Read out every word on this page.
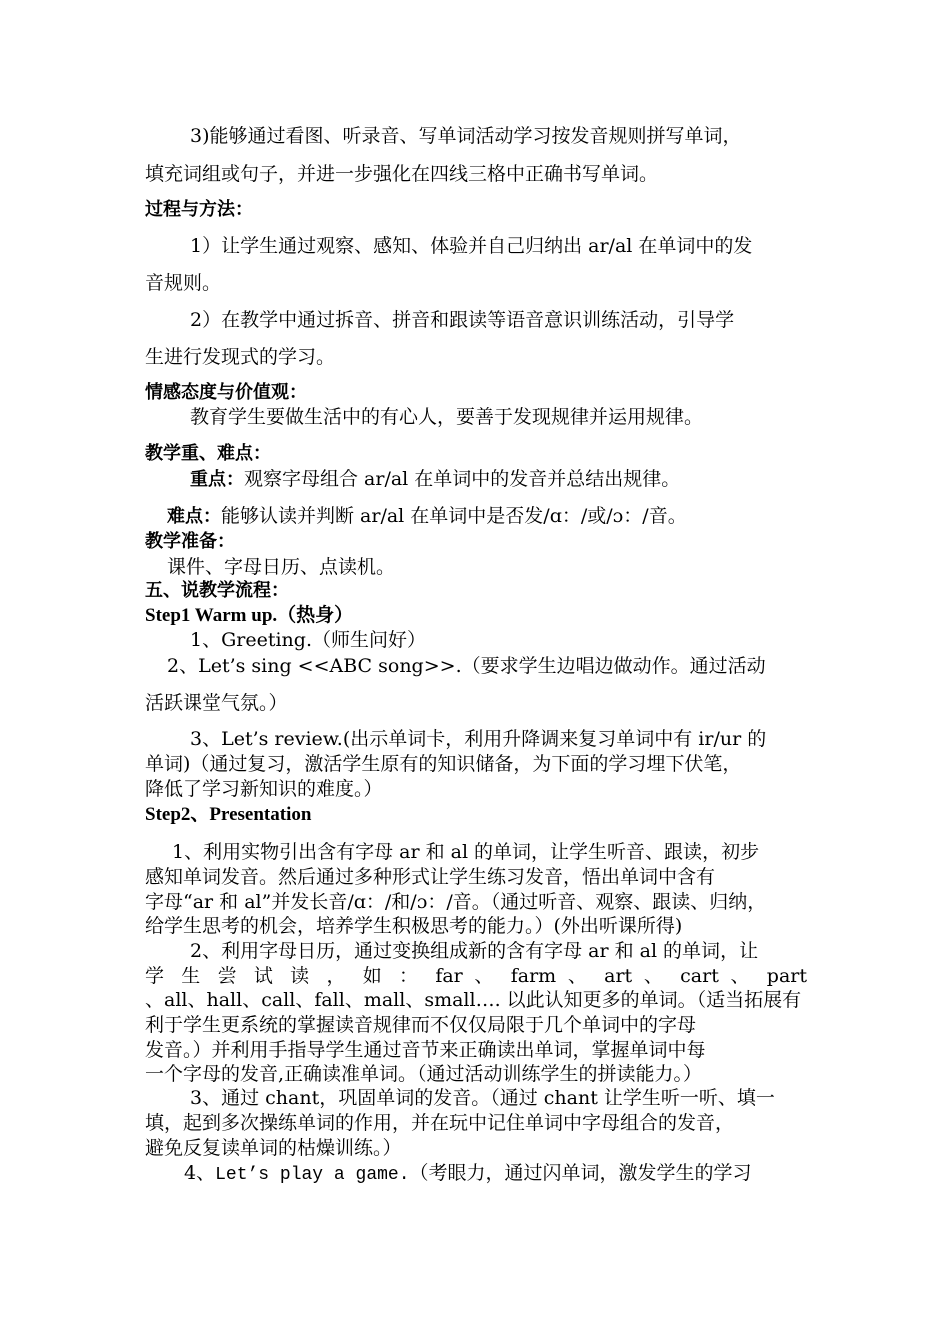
3)能够通过看图、听录音、写单词活动学习按发音规则拼写单词，
填充词组或句子，并进一步强化在四线三格中正确书写单词。
过程与方法：
1）让学生通过观察、感知、体验并自己归纳出 ar/al 在单词中的发
音规则。
2）在教学中通过拆音、拼音和跟读等语音意识训练活动，引导学
生进行发现式的学习。
情感态度与价值观：
教育学生要做生活中的有心人，要善于发现规律并运用规律。
教学重、难点：
重点：观察字母组合 ar/al 在单词中的发音并总结出规律。
难点：能够认读并判断 ar/al 在单词中是否发/ɑ：/或/ɔ：/音。
教学准备：
课件、字母日历、点读机。
五、说教学流程：
Step1 Warm up.（热身）
1、Greeting.（师生问好）
2、Let’s sing <<ABC song>>.（要求学生边唱边做动作。通过活动
活跃课堂气氛。）
3、Let’s review.(出示单词卡，利用升降调来复习单词中有 ir/ur 的
单词)（通过复习，激活学生原有的知识储备，为下面的学习埋下伏笔，
降低了学习新知识的难度。）
Step2、Presentation
1、利用实物引出含有字母 ar 和 al 的单词，让学生听音、跟读，初步
感知单词发音。然后通过多种形式让学生练习发音，悟出单词中含有
字母“ar 和 al”并发长音/ɑ：/和/ɔ：/音。（通过听音、观察、跟读、归纳，
给学生思考的机会，培养学生积极思考的能力。）(外出听课所得)
2、利用字母日历，通过变换组成新的含有字母 ar 和 al 的单词，让
学 生 尝 试 读 ， 如 ： far 、 farm 、 art 、 cart 、 part
、all、hall、call、fall、mall、small…. 以此认知更多的单词。（适当拓展有
利于学生更系统的掌握读音规律而不仅仅局限于几个单词中的字母
发音。）并利用手指导学生通过音节来正确读出单词，掌握单词中每
一个字母的发音,正确读准单词。（通过活动训练学生的拼读能力。）
3、通过 chant，巩固单词的发音。（通过 chant 让学生听一听、填一
填，起到多次操练单词的作用，并在玩中记住单词中字母组合的发音，
避免反复读单词的枯燥训练。）
4、Let’s play a game.（考眼力，通过闪单词，激发学生的学习
